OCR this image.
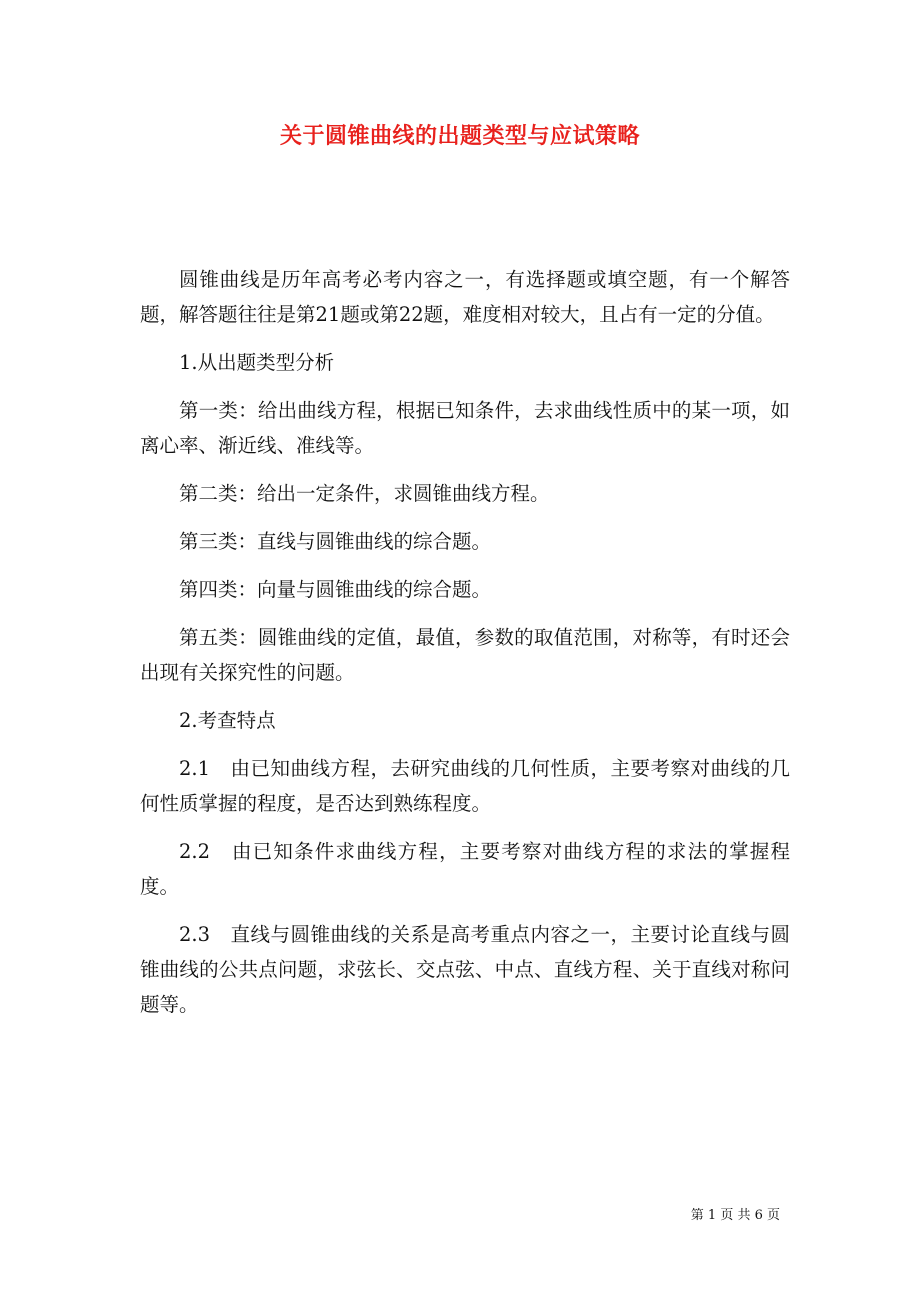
关于圆锥曲线的出题类型与应试策略

圆锥曲线是历年高考必考内容之一，有选择题或填空题，有一个解答题，解答题往往是第21题或第22题，难度相对较大，且占有一定的分值。

1.从出题类型分析

第一类：给出曲线方程，根据已知条件，去求曲线性质中的某一项，如离心率、渐近线、准线等。

第二类：给出一定条件，求圆锥曲线方程。

第三类：直线与圆锥曲线的综合题。

第四类：向量与圆锥曲线的综合题。

第五类：圆锥曲线的定值，最值，参数的取值范围，对称等，有时还会出现有关探究性的问题。

2.考查特点

2.1　由已知曲线方程，去研究曲线的几何性质，主要考察对曲线的几何性质掌握的程度，是否达到熟练程度。

2.2　由已知条件求曲线方程，主要考察对曲线方程的求法的掌握程度。

2.3　直线与圆锥曲线的关系是高考重点内容之一，主要讨论直线与圆锥曲线的公共点问题，求弦长、交点弦、中点、直线方程、关于直线对称问题等。

第 1 页 共 6 页
